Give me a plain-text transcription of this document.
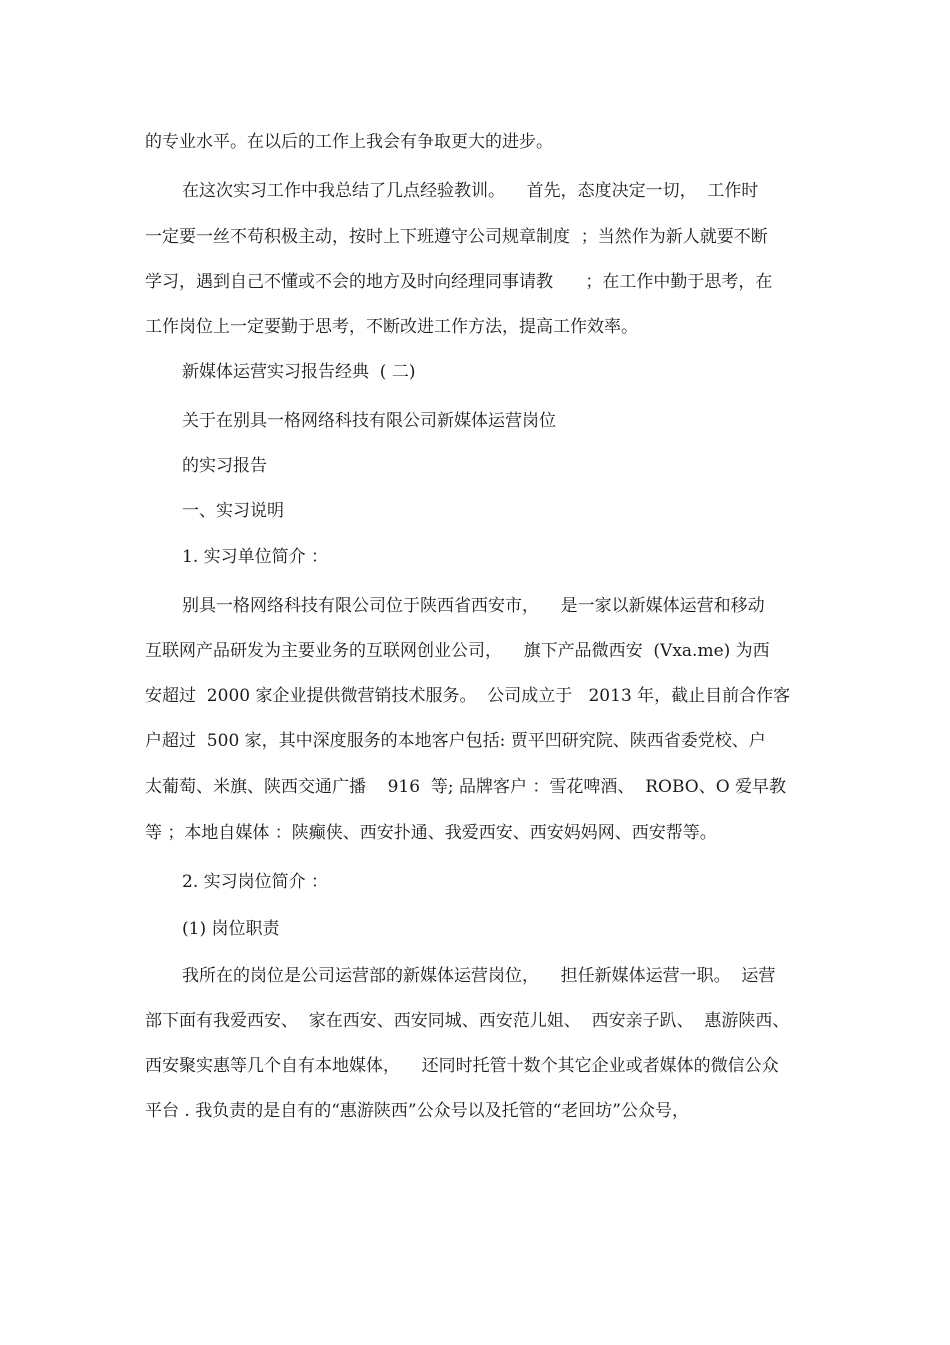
的专业水平。在以后的工作上我会有争取更大的进步。

在这次实习工作中我总结了几点经验教训。    首先，态度决定一切，  工作时

一定要一丝不苟积极主动，按时上下班遵守公司规章制度  ；当然作为新人就要不断

学习，遇到自己不懂或不会的地方及时向经理同事请教      ；在工作中勤于思考，在

工作岗位上一定要勤于思考，不断改进工作方法，提高工作效率。

新媒体运营实习报告经典  ( 二)

关于在别具一格网络科技有限公司新媒体运营岗位

的实习报告

一、实习说明

1. 实习单位简介 ：

别具一格网络科技有限公司位于陕西省西安市，    是一家以新媒体运营和移动

互联网产品研发为主要业务的互联网创业公司，    旗下产品微西安  (Vxa.me) 为西

安超过  2000 家企业提供微营销技术服务。  公司成立于   2013 年，截止目前合作客

户超过  500 家，其中深度服务的本地客户包括: 贾平凹研究院、陕西省委党校、户

太葡萄、米旗、陕西交通广播    916  等; 品牌客户 ：雪花啤酒、  ROBO、O 爱早教

等 ；本地自媒体 ：陕癫侠、西安扑通、我爱西安、西安妈妈网、西安帮等。

2. 实习岗位简介 ：

(1) 岗位职责

我所在的岗位是公司运营部的新媒体运营岗位，    担任新媒体运营一职。  运营

部下面有我爱西安、  家在西安、西安同城、西安范儿姐、  西安亲子趴、  惠游陕西、

西安聚实惠等几个自有本地媒体，    还同时托管十数个其它企业或者媒体的微信公众

平台 . 我负责的是自有的“惠游陕西”公众号以及托管的“老回坊”公众号，
